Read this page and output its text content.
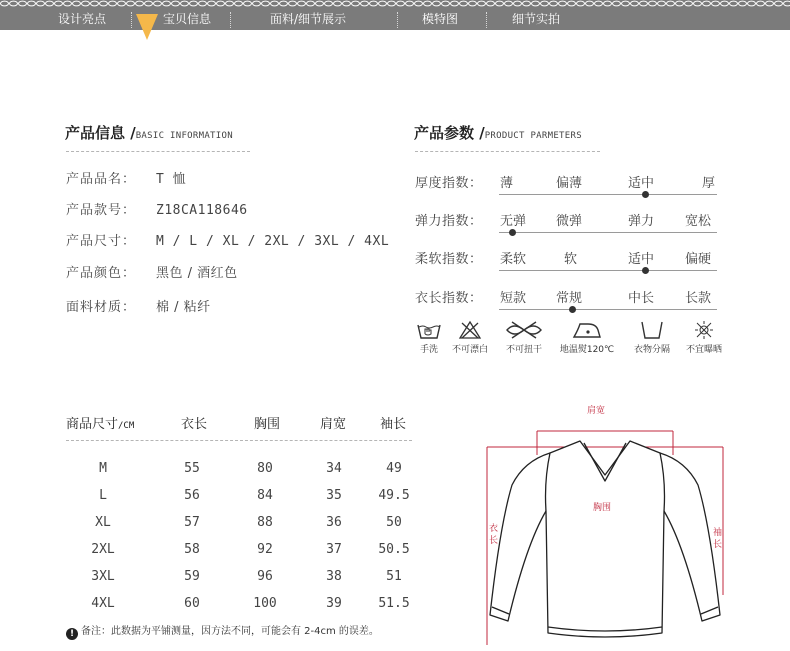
设计亮点	宝贝信息	面料/细节展示	模特图	细节实拍
产品信息 /BASIC INFORMATION
产品品名： T 恤
产品款号： Z18CA118646
产品尺寸： M / L / XL / 2XL / 3XL / 4XL
产品颜色： 黑色 / 酒红色
面料材质： 棉 / 粘纤
产品参数 /PRODUCT PARMETERS
厚度指数： 薄	偏薄	适中	厚
弹力指数： 无弹 微弹	弹力 宽松
柔软指数： 柔软	软	适中 偏硬
衣长指数： 短款 常规	中长 长款
手洗	不可漂白	不可扭干	地温熨120℃	衣物分隔	不宜曝晒
商品尺寸/CM	衣长	胸围	肩宽	袖长
M	55	80	34	49
L	56	84	35	49.5
XL	57	88	36	50
2XL	58	92	37	50.5
3XL	59	96	38	51
4XL	60	100	39	51.5
! 备注：此数据为平铺测量，因方法不同，可能会有 2-4cm 的误差。
肩宽
胸围
衣长
袖长
